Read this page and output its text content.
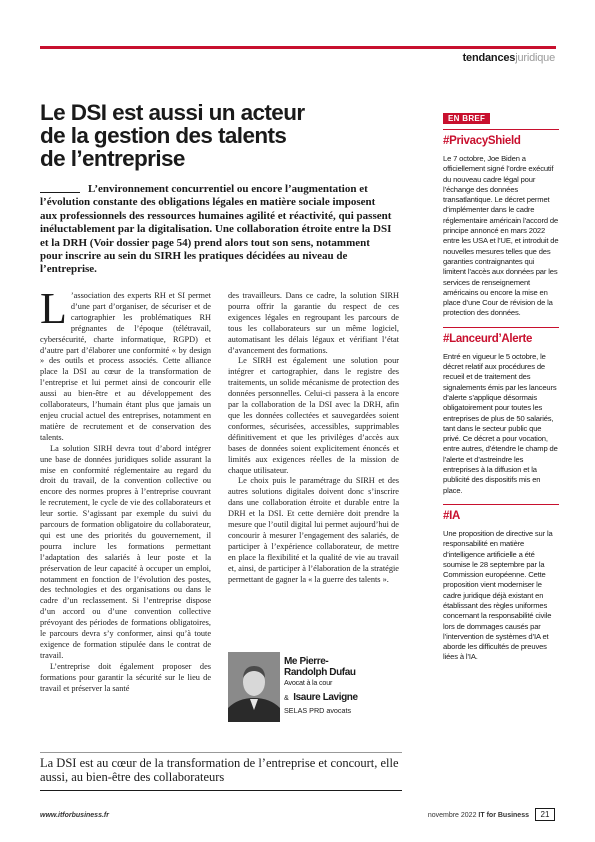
tendancesjuridique
Le DSI est aussi un acteur
de la gestion des talents
de l’entreprise

L’environnement concurrentiel ou encore l’augmentation et l’évolution constante des obligations légales en matière sociale imposent aux professionnels des ressources humaines agilité et réactivité, qui passent inéluctablement par la digitalisation. Une collaboration étroite entre la DSI et la DRH (Voir dossier page 54) prend alors tout son sens, notamment pour inscrire au sein du SIRH les pratiques décidées au niveau de l’entreprise.

L ’association des experts RH et SI permet d’une part d’organiser, de sécuriser et de cartographier les problématiques RH prégnantes de l’époque (télétravail, cybersécurité, charte informatique, RGPD) et d’autre part d’élaborer une conformité « by design » des outils et process associés. Cette alliance place la DSI au cœur de la transformation de l’entreprise et lui permet ainsi de concourir elle aussi au bien-être et au développement des collaborateurs, l’humain étant plus que jamais un enjeu crucial actuel des entreprises, notamment en matière de recrutement et de conservation des talents.

La solution SIRH devra tout d’abord intégrer une base de données juridiques solide assurant la mise en conformité réglementaire au regard du droit du travail, de la convention collective ou encore des normes propres à l’entreprise couvrant le recrutement, le cycle de vie des collaborateurs et leur sortie. S’agissant par exemple du suivi du parcours de formation obligatoire du collaborateur, qui est une des priorités du gouvernement, il pourra inclure les formations permettant l’adaptation des salariés à leur poste et la préservation de leur capacité à occuper un emploi, notamment en fonction de l’évolution des postes, des technologies et des organisations ou dans le cadre d’un reclassement. Si l’entreprise dispose d’un accord ou d’une convention collective prévoyant des périodes de formations obligatoires, le parcours devra s’y conformer, ainsi qu’à toute exigence de formation stipulée dans le contrat de travail.

L’entreprise doit également proposer des formations pour garantir la sécurité sur le lieu de travail et préserver la santé

des travailleurs. Dans ce cadre, la solution SIRH pourra offrir la garantie du respect de ces exigences légales en regroupant les parcours de tous les collaborateurs sur un même logiciel, automatisant les délais légaux et vérifiant l’état d’avancement des formations.

Le SIRH est également une solution pour intégrer et cartographier, dans le registre des traitements, un solide mécanisme de protection des données personnelles. Celui-ci passera à la encore par la collaboration de la DSI avec la DRH, afin que les données collectées et sauvegardées soient conformes, sécurisées, accessibles, supprimables définitivement et que les privilèges d’accès aux bases de données soient explicitement énoncés et limités aux exigences réelles de la mission de chaque utilisateur.

Le choix puis le paramétrage du SIRH et des autres solutions digitales doivent donc s’inscrire dans une collaboration étroite et durable entre la DRH et la DSI. Et cette dernière doit prendre la mesure que l’outil digital lui permet aujourd’hui de concourir à mesurer l’engagement des salariés, de participer à l’expérience collaborateur, de mettre en place la flexibilité et la qualité de vie au travail et, ainsi, de participer à l’élaboration de la stratégie permettant de gagner la « la guerre des talents ».

Me Pierre-
Randolph Dufau
Avocat à la cour
& Isaure Lavigne
SELAS PRD avocats

La DSI est au cœur de la transformation de l’entreprise et concourt, elle aussi, au bien-être des collaborateurs

EN BREF
#PrivacyShield

Le 7 octobre, Joe Biden a officiellement signé l’ordre exécutif du nouveau cadre légal pour l’échange des données transatlantique. Le décret permet d’implémenter dans le cadre réglementaire américain l’accord de principe annoncé en mars 2022 entre les USA et l’UE, et introduit de nouvelles mesures telles que des garanties contraignantes qui limitent l’accès aux données par les services de renseignement américains ou encore la mise en place d’une Cour de révision de la protection des données.

#Lanceurd’Alerte

Entré en vigueur le 5 octobre, le décret relatif aux procédures de recueil et de traitement des signalements émis par les lanceurs d’alerte s’applique désormais obligatoirement pour toutes les entreprises de plus de 50 salariés, tant dans le secteur public que privé. Ce décret a pour vocation, entre autres, d’étendre le champ de l’alerte et d’astreindre les entreprises à la diffusion et la publicité des dispositifs mis en place.

#IA

Une proposition de directive sur la responsabilité en matière d’intelligence artificielle a été soumise le 28 septembre par la Commission européenne. Cette proposition vient moderniser le cadre juridique déjà existant en établissant des règles uniformes concernant la responsabilité civile lors de dommages causés par l’intervention de systèmes d’IA et aborde les difficultés de preuves liées à l’IA.

www.itforbusiness.fr	novembre 2022 IT for Business	21
